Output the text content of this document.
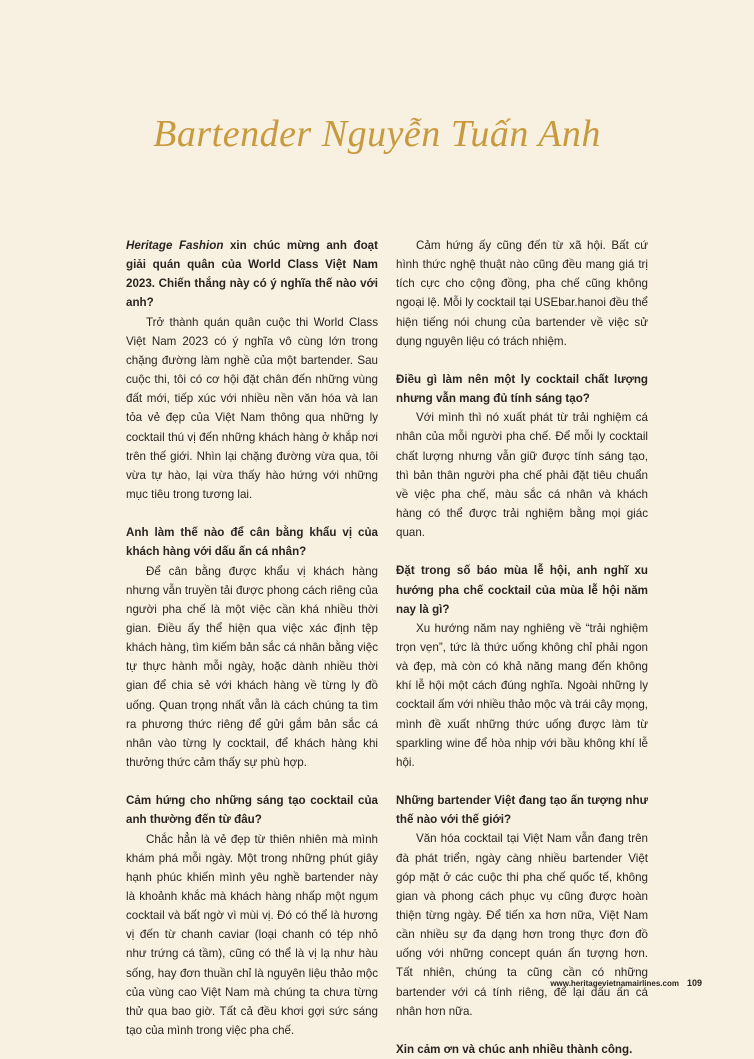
Bartender Nguyễn Tuấn Anh

Heritage Fashion xin chúc mừng anh đoạt giải quán quân của World Class Việt Nam 2023. Chiến thắng này có ý nghĩa thế nào với anh?

Trở thành quán quân cuộc thi World Class Việt Nam 2023 có ý nghĩa vô cùng lớn trong chặng đường làm nghề của một bartender. Sau cuộc thi, tôi có cơ hội đặt chân đến những vùng đất mới, tiếp xúc với nhiều nền văn hóa và lan tỏa vẻ đẹp của Việt Nam thông qua những ly cocktail thú vị đến những khách hàng ở khắp nơi trên thế giới. Nhìn lại chặng đường vừa qua, tôi vừa tự hào, lại vừa thấy hào hứng với những mục tiêu trong tương lai.

Anh làm thế nào để cân bằng khẩu vị của khách hàng với dấu ấn cá nhân?

Để cân bằng được khẩu vị khách hàng nhưng vẫn truyền tải được phong cách riêng của người pha chế là một việc cần khá nhiều thời gian. Điều ấy thể hiện qua việc xác định tệp khách hàng, tìm kiếm bản sắc cá nhân bằng việc tự thực hành mỗi ngày, hoặc dành nhiều thời gian để chia sẻ với khách hàng về từng ly đồ uống. Quan trọng nhất vẫn là cách chúng ta tìm ra phương thức riêng để gửi gắm bản sắc cá nhân vào từng ly cocktail, để khách hàng khi thưởng thức cảm thấy sự phù hợp.

Cảm hứng cho những sáng tạo cocktail của anh thường đến từ đâu?

Chắc hẳn là vẻ đẹp từ thiên nhiên mà mình khám phá mỗi ngày. Một trong những phút giây hạnh phúc khiến mình yêu nghề bartender này là khoảnh khắc mà khách hàng nhấp một ngụm cocktail và bất ngờ vì mùi vị. Đó có thể là hương vị đến từ chanh caviar (loại chanh có tép nhỏ như trứng cá tầm), cũng có thể là vị lạ như hàu sống, hay đơn thuần chỉ là nguyên liệu thảo mộc của vùng cao Việt Nam mà chúng ta chưa từng thử qua bao giờ. Tất cả đều khơi gợi sức sáng tạo của mình trong việc pha chế.

Cảm hứng ấy cũng đến từ xã hội. Bất cứ hình thức nghệ thuật nào cũng đều mang giá trị tích cực cho cộng đồng, pha chế cũng không ngoại lệ. Mỗi ly cocktail tại USEbar.hanoi đều thể hiện tiếng nói chung của bartender về việc sử dụng nguyên liệu có trách nhiệm.

Điều gì làm nên một ly cocktail chất lượng nhưng vẫn mang đủ tính sáng tạo?

Với mình thì nó xuất phát từ trải nghiệm cá nhân của mỗi người pha chế. Để mỗi ly cocktail chất lượng nhưng vẫn giữ được tính sáng tạo, thì bản thân người pha chế phải đặt tiêu chuẩn về việc pha chế, màu sắc cá nhân và khách hàng có thể được trải nghiệm bằng mọi giác quan.

Đặt trong số báo mùa lễ hội, anh nghĩ xu hướng pha chế cocktail của mùa lễ hội năm nay là gì?

Xu hướng năm nay nghiêng về “trải nghiệm trọn vẹn”, tức là thức uống không chỉ phải ngon và đẹp, mà còn có khả năng mang đến không khí lễ hội một cách đúng nghĩa. Ngoài những ly cocktail ấm với nhiều thảo mộc và trái cây mọng, mình đề xuất những thức uống được làm từ sparkling wine để hòa nhịp với bầu không khí lễ hội.

Những bartender Việt đang tạo ấn tượng như thế nào với thế giới?

Văn hóa cocktail tại Việt Nam vẫn đang trên đà phát triển, ngày càng nhiều bartender Việt góp mặt ở các cuộc thi pha chế quốc tế, không gian và phong cách phục vụ cũng được hoàn thiện từng ngày. Để tiến xa hơn nữa, Việt Nam cần nhiều sự đa dạng hơn trong thực đơn đồ uống với những concept quán ấn tượng hơn. Tất nhiên, chúng ta cũng cần có những bartender với cá tính riêng, để lại dấu ấn cá nhân hơn nữa.

Xin cảm ơn và chúc anh nhiều thành công.

www.heritagevietnamairlines.com 109
